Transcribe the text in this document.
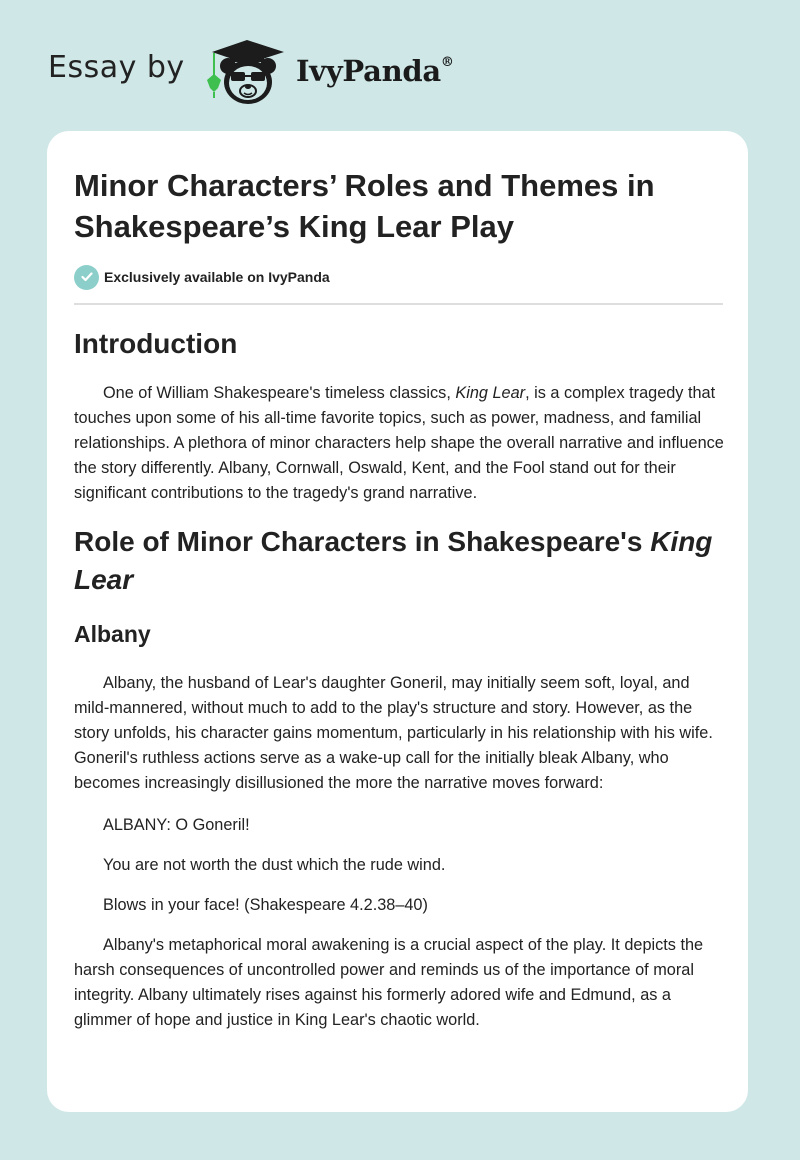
Essay by	IvyPanda®
Minor Characters’ Roles and Themes in Shakespeare’s King Lear Play
Exclusively available on IvyPanda
Introduction

One of William Shakespeare's timeless classics, King Lear, is a complex tragedy that touches upon some of his all-time favorite topics, such as power, madness, and familial relationships. A plethora of minor characters help shape the overall narrative and influence the story differently. Albany, Cornwall, Oswald, Kent, and the Fool stand out for their significant contributions to the tragedy's grand narrative.

Role of Minor Characters in Shakespeare's King Lear
Albany

Albany, the husband of Lear's daughter Goneril, may initially seem soft, loyal, and mild-mannered, without much to add to the play's structure and story. However, as the story unfolds, his character gains momentum, particularly in his relationship with his wife. Goneril's ruthless actions serve as a wake-up call for the initially bleak Albany, who becomes increasingly disillusioned the more the narrative moves forward:

ALBANY: O Goneril!

You are not worth the dust which the rude wind.

Blows in your face! (Shakespeare 4.2.38–40)

Albany's metaphorical moral awakening is a crucial aspect of the play. It depicts the harsh consequences of uncontrolled power and reminds us of the importance of moral integrity. Albany ultimately rises against his formerly adored wife and Edmund, as a glimmer of hope and justice in King Lear's chaotic world.
